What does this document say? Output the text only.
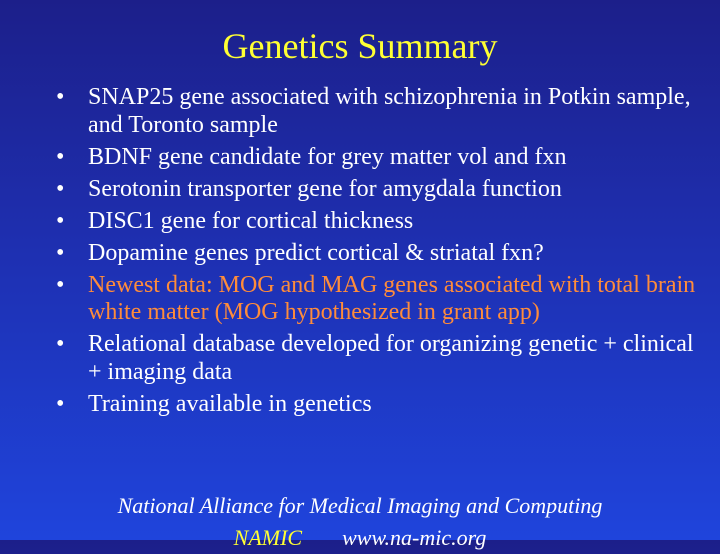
Genetics Summary
• SNAP25 gene associated with schizophrenia in Potkin sample, and Toronto sample
• BDNF gene candidate for grey matter vol and fxn
• Serotonin transporter gene for amygdala function
• DISC1 gene for cortical thickness
• Dopamine genes predict cortical & striatal fxn?
• Newest data: MOG and MAG genes associated with total brain white matter (MOG hypothesized in grant app)
• Relational database developed for organizing genetic + clinical + imaging data
• Training available in genetics
National Alliance for Medical Imaging and Computing
NAMIC www.na-mic.org
